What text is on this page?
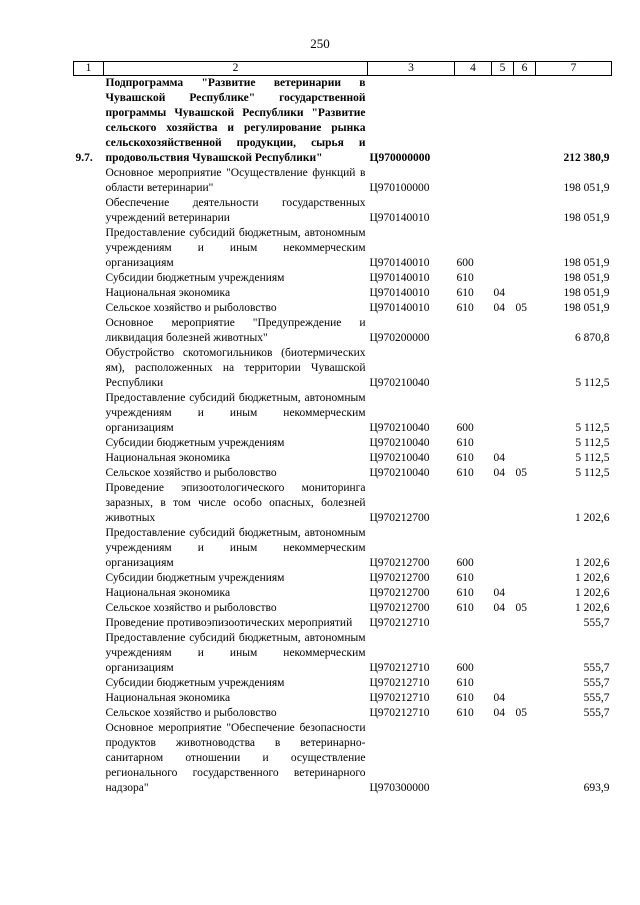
250
1	2	3	4	5	6	7
9.7.	Подпрограмма "Развитие ветеринарии в Чувашской Республике" государственной программы Чувашской Республики "Развитие сельского хозяйства и регулирование рынка сельскохозяйственной продукции, сырья и продовольствия Чувашской Республики"	Ц970000000				212 380,9
	Основное мероприятие "Осуществление функций в области ветеринарии"	Ц970100000				198 051,9
	Обеспечение деятельности государственных учреждений ветеринарии	Ц970140010				198 051,9
	Предоставление субсидий бюджетным, автономным учреждениям и иным некоммерческим организациям	Ц970140010	600			198 051,9
	Субсидии бюджетным учреждениям	Ц970140010	610			198 051,9
	Национальная экономика	Ц970140010	610	04		198 051,9
	Сельское хозяйство и рыболовство	Ц970140010	610	04	05	198 051,9
	Основное мероприятие "Предупреждение и ликвидация болезней животных"	Ц970200000				6 870,8
	Обустройство скотомогильников (биотермических ям), расположенных на территории Чувашской Республики	Ц970210040				5 112,5
	Предоставление субсидий бюджетным, автономным учреждениям и иным некоммерческим организациям	Ц970210040	600			5 112,5
	Субсидии бюджетным учреждениям	Ц970210040	610			5 112,5
	Национальная экономика	Ц970210040	610	04		5 112,5
	Сельское хозяйство и рыболовство	Ц970210040	610	04	05	5 112,5
	Проведение эпизоотологического мониторинга заразных, в том числе особо опасных, болезней животных	Ц970212700				1 202,6
	Предоставление субсидий бюджетным, автономным учреждениям и иным некоммерческим организациям	Ц970212700	600			1 202,6
	Субсидии бюджетным учреждениям	Ц970212700	610			1 202,6
	Национальная экономика	Ц970212700	610	04		1 202,6
	Сельское хозяйство и рыболовство	Ц970212700	610	04	05	1 202,6
	Проведение противоэпизоотических мероприятий	Ц970212710				555,7
	Предоставление субсидий бюджетным, автономным учреждениям и иным некоммерческим организациям	Ц970212710	600			555,7
	Субсидии бюджетным учреждениям	Ц970212710	610			555,7
	Национальная экономика	Ц970212710	610	04		555,7
	Сельское хозяйство и рыболовство	Ц970212710	610	04	05	555,7
	Основное мероприятие "Обеспечение безопасности продуктов животноводства в ветеринарно-санитарном отношении и осуществление регионального государственного ветеринарного надзора"	Ц970300000				693,9
